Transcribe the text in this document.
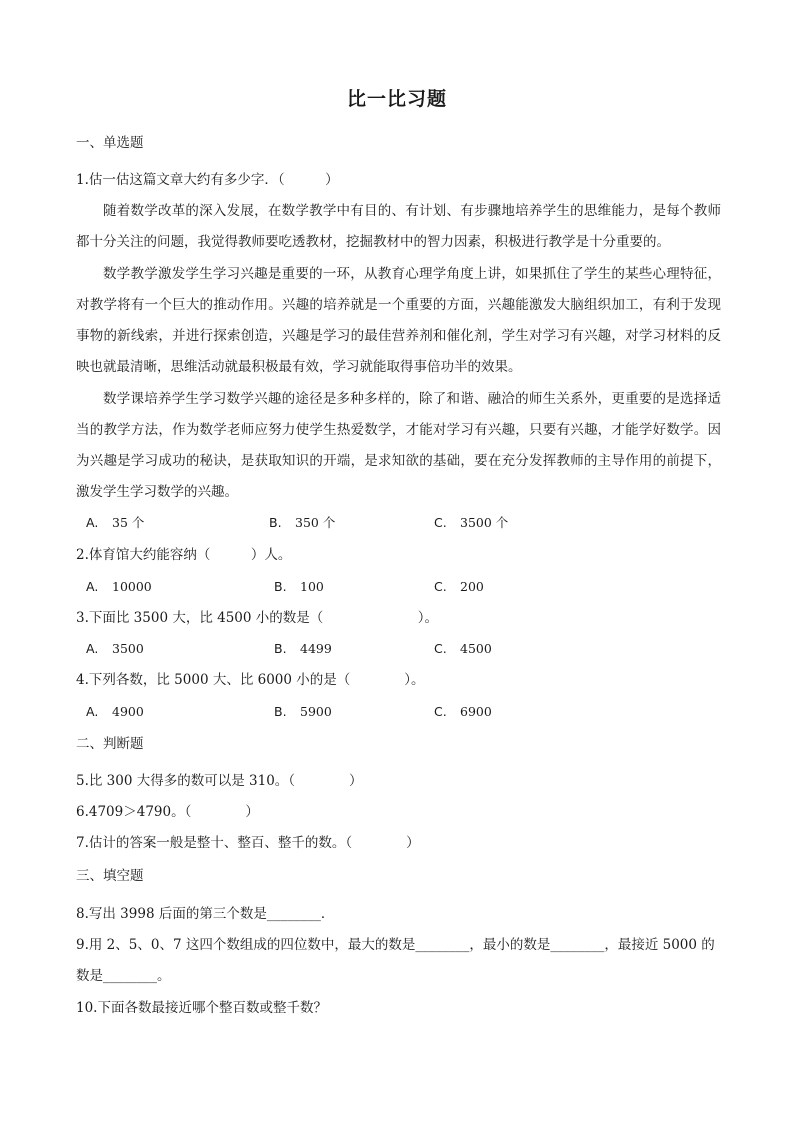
比一比习题
一、单选题
1.估一估这篇文章大约有多少字．（　　　）
随着数学改革的深入发展，在数学教学中有目的、有计划、有步骤地培养学生的思维能力，是每个教师都十分关注的问题，我觉得教师要吃透教材，挖掘教材中的智力因素，积极进行教学是十分重要的。
数学教学激发学生学习兴趣是重要的一环，从教育心理学角度上讲，如果抓住了学生的某些心理特征，对教学将有一个巨大的推动作用。兴趣的培养就是一个重要的方面，兴趣能激发大脑组织加工，有利于发现事物的新线索，并进行探索创造，兴趣是学习的最佳营养剂和催化剂，学生对学习有兴趣，对学习材料的反映也就最清晰，思维活动就最积极最有效，学习就能取得事倍功半的效果。
数学课培养学生学习数学兴趣的途径是多种多样的，除了和谐、融洽的师生关系外，更重要的是选择适当的教学方法，作为数学老师应努力使学生热爱数学，才能对学习有兴趣，只要有兴趣，才能学好数学。因为兴趣是学习成功的秘诀，是获取知识的开端，是求知欲的基础，要在充分发挥教师的主导作用的前提下，激发学生学习数学的兴趣。
A. 35 个	B. 350 个	C. 3500 个
2.体育馆大约能容纳（　　　）人。
A. 10000	B. 100	C. 200
3.下面比 3500 大，比 4500 小的数是（　　　　　　　）。
A. 3500	B. 4499	C. 4500
4.下列各数，比 5000 大、比 6000 小的是（　　　　）。
A. 4900	B. 5900	C. 6900
二、判断题
5.比 300 大得多的数可以是 310。（　　　　）
6.4709＞4790。（　　　　）
7.估计的答案一般是整十、整百、整千的数。（　　　　）
三、填空题
8.写出 3998 后面的第三个数是________．
9.用 2、5、0、7 这四个数组成的四位数中，最大的数是________，最小的数是________，最接近 5000 的
数是________。
10.下面各数最接近哪个整百数或整千数？
